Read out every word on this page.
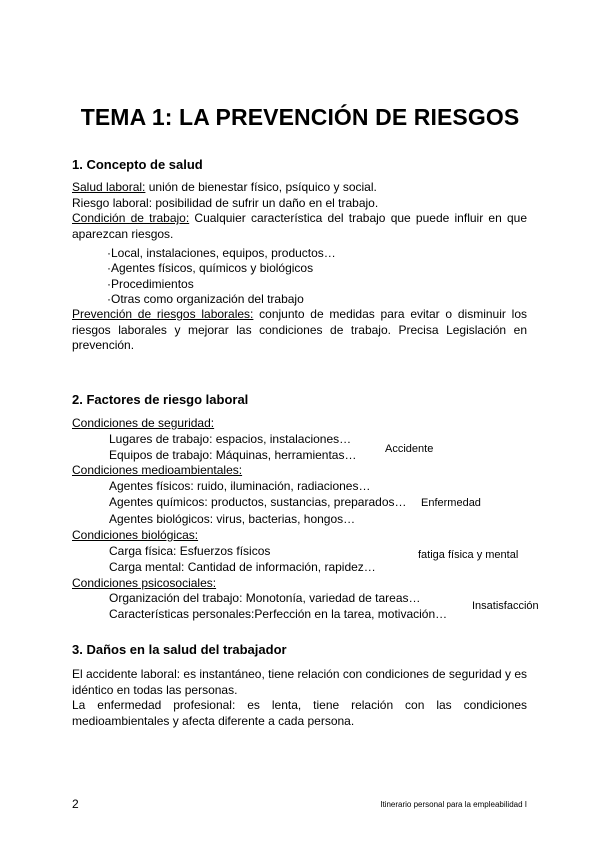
TEMA 1: LA PREVENCIÓN DE RIESGOS
1. Concepto de salud
Salud laboral: unión de bienestar físico, psíquico y social.
Riesgo laboral: posibilidad de sufrir un daño en el trabajo.
Condición de trabajo: Cualquier característica del trabajo que puede influir en que aparezcan riesgos.
·Local, instalaciones, equipos, productos…
·Agentes físicos, químicos y biológicos
·Procedimientos
·Otras como organización del trabajo
Prevención de riesgos laborales: conjunto de medidas para evitar o disminuir los riesgos laborales y mejorar las condiciones de trabajo. Precisa Legislación en prevención.
2. Factores de riesgo laboral
Condiciones de seguridad:
Lugares de trabajo: espacios, instalaciones…
Equipos de trabajo: Máquinas, herramientas…	Accidente
Condiciones medioambientales:
Agentes físicos: ruido, iluminación, radiaciones…
Agentes químicos: productos, sustancias, preparados…
Agentes biológicos: virus, bacterias, hongos…
Enfermedad
Condiciones biológicas:
Carga física: Esfuerzos físicos
Carga mental: Cantidad de información, rapidez…
fatiga física y mental
Condiciones psicosociales:
Organización del trabajo: Monotonía, variedad de tareas…
Características personales:Perfección en la tarea, motivación…
Insatisfacción
3. Daños en la salud del trabajador
El accidente laboral: es instantáneo, tiene relación con condiciones de seguridad y es idéntico en todas las personas.
La enfermedad profesional: es lenta, tiene relación con las condiciones medioambientales y afecta diferente a cada persona.
2	Itinerario personal para la empleabilidad I
